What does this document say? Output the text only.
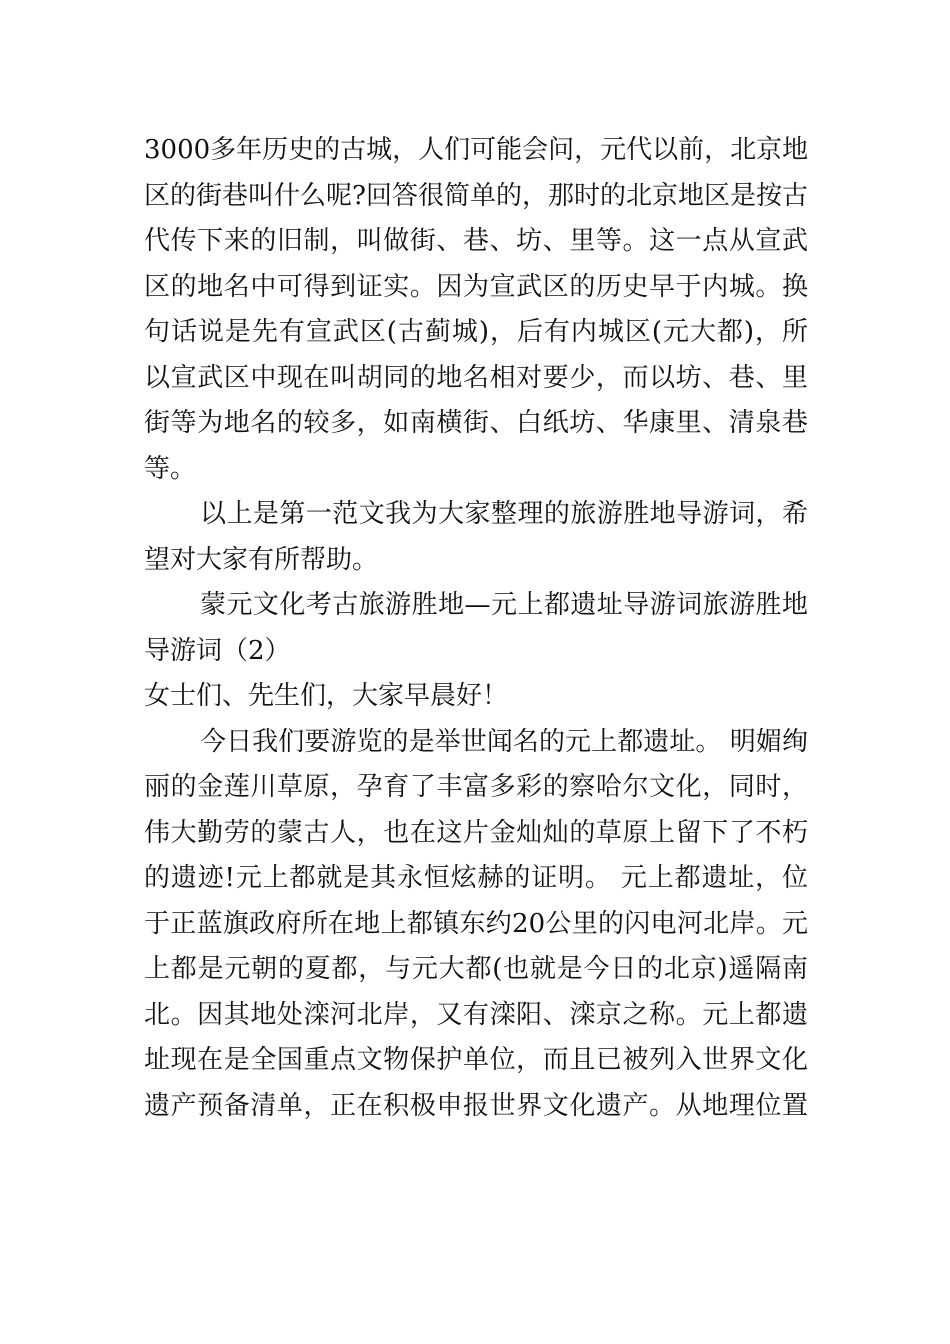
3000多年历史的古城，人们可能会问，元代以前，北京地
区的街巷叫什么呢?回答很简单的，那时的北京地区是按古
代传下来的旧制，叫做街、巷、坊、里等。这一点从宣武
区的地名中可得到证实。因为宣武区的历史早于内城。换
句话说是先有宣武区(古蓟城)，后有内城区(元大都)，所
以宣武区中现在叫胡同的地名相对要少，而以坊、巷、里
街等为地名的较多，如南横街、白纸坊、华康里、清泉巷
等。
以上是第一范文我为大家整理的旅游胜地导游词，希
望对大家有所帮助。
蒙元文化考古旅游胜地—元上都遗址导游词旅游胜地
导游词（2）
女士们、先生们，大家早晨好！
今日我们要游览的是举世闻名的元上都遗址。 明媚绚
丽的金莲川草原，孕育了丰富多彩的察哈尔文化，同时，
伟大勤劳的蒙古人，也在这片金灿灿的草原上留下了不朽
的遗迹!元上都就是其永恒炫赫的证明。 元上都遗址，位
于正蓝旗政府所在地上都镇东约20公里的闪电河北岸。元
上都是元朝的夏都，与元大都(也就是今日的北京)遥隔南
北。因其地处滦河北岸，又有滦阳、滦京之称。元上都遗
址现在是全国重点文物保护单位，而且已被列入世界文化
遗产预备清单，正在积极申报世界文化遗产。从地理位置
